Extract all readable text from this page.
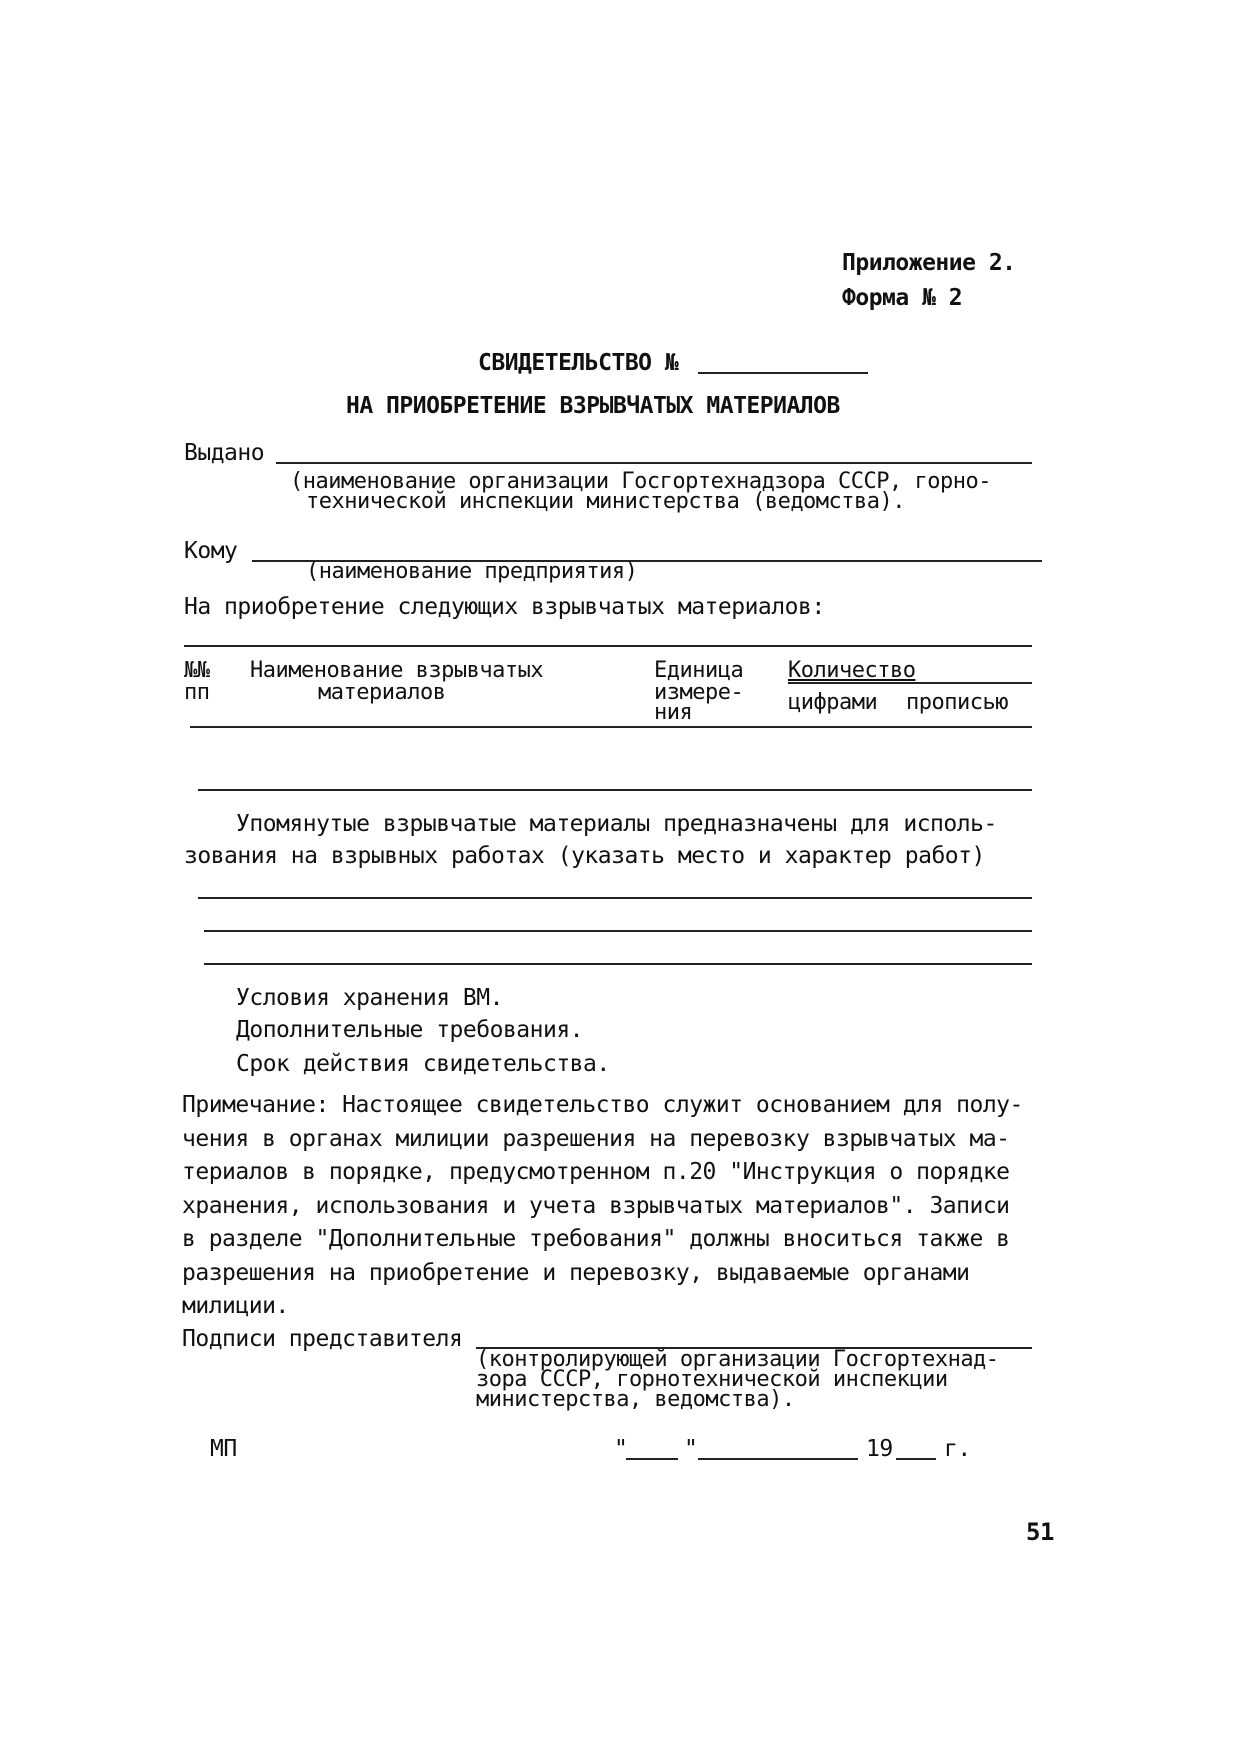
Приложение 2.
Форма № 2
СВИДЕТЕЛЬСТВО №
НА ПРИОБРЕТЕНИЕ ВЗРЫВЧАТЫХ МАТЕРИАЛОВ
Выдано
(наименование организации Госгортехнадзора СССР, горно-
технической инспекции министерства (ведомства).
Кому
(наименование предприятия)
На приобретение следующих взрывчатых материалов:
№№
пп
Наименование взрывчатых
материалов
Единица
измере-
ния
Количество
цифрами прописью
Упомянутые взрывчатые материалы предназначены для исполь-
зования на взрывных работах (указать место и характер работ)
Условия хранения ВМ.
Дополнительные требования.
Срок действия свидетельства.
Примечание: Настоящее свидетельство служит основанием для полу-
чения в органах милиции разрешения на перевозку взрывчатых ма-
териалов в порядке, предусмотренном п.20 "Инструкция о порядке
хранения, использования и учета взрывчатых материалов". Записи
в разделе "Дополнительные требования" должны вноситься также в
разрешения на приобретение и перевозку, выдаваемые органами
милиции.
Подписи представителя
(контролирующей организации Госгортехнад-
зора СССР, горнотехнической инспекции
министерства, ведомства).
МП	" "	19 г.
51
